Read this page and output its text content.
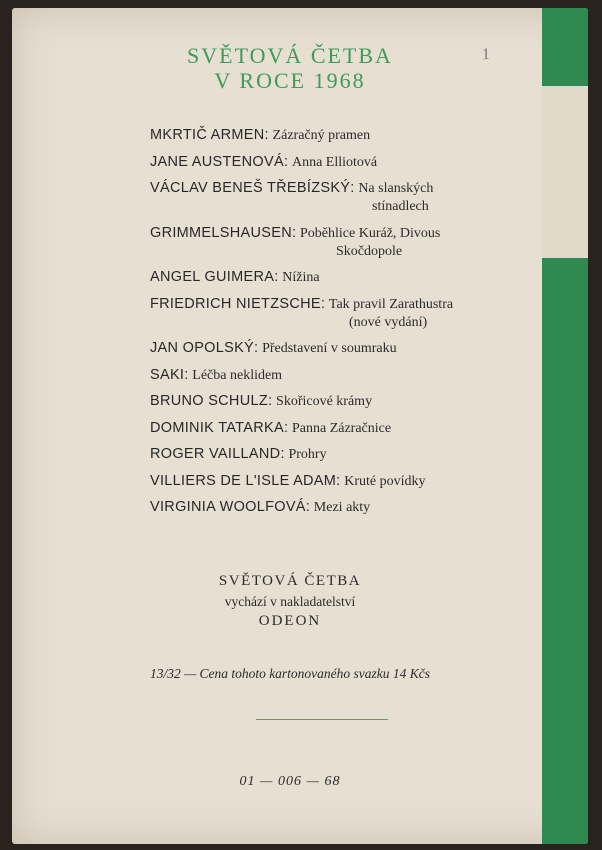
1
SVĚTOVÁ ČETBA
V ROCE 1968
MKRTIČ ARMEN: Zázračný pramen
JANE AUSTENOVÁ: Anna Elliotová
VÁCLAV BENEŠ TŘEBÍZSKÝ: Na slanských
stínadlech
GRIMMELSHAUSEN: Poběhlice Kuráž, Divous
Skočdopole
ANGEL GUIMERA: Nížina
FRIEDRICH NIETZSCHE: Tak pravil Zarathustra
(nové vydání)
JAN OPOLSKÝ: Představení v soumraku
SAKI: Léčba neklidem
BRUNO SCHULZ: Skořicové krámy
DOMINIK TATARKA: Panna Zázračnice
ROGER VAILLAND: Prohry
VILLIERS DE L'ISLE ADAM: Kruté povídky
VIRGINIA WOOLFOVÁ: Mezi akty
SVĚTOVÁ ČETBA
vychází v nakladatelství
ODEON
13/32 — Cena tohoto kartonovaného svazku 14 Kčs
01 — 006 — 68
